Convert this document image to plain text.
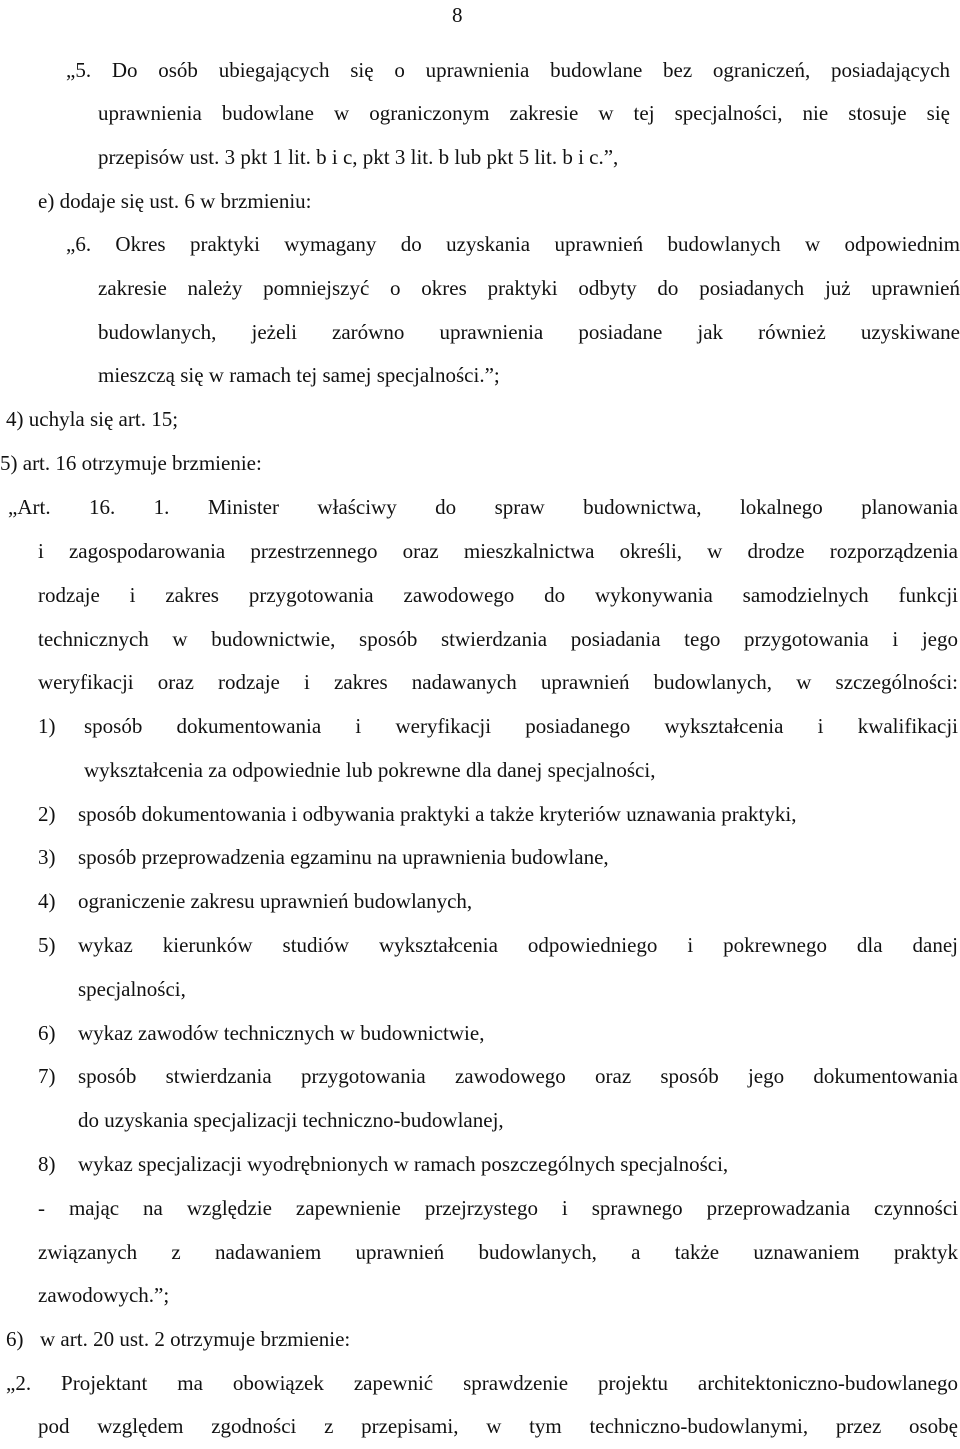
8
„5. Do osób ubiegających się o uprawnienia budowlane bez ograniczeń, posiadających
uprawnienia budowlane w ograniczonym zakresie w tej specjalności, nie stosuje się
przepisów ust. 3 pkt 1 lit. b i c, pkt 3 lit. b lub pkt 5 lit. b i c.”,
e) dodaje się ust. 6 w brzmieniu:
„6. Okres praktyki wymagany do uzyskania uprawnień budowlanych w odpowiednim
zakresie należy pomniejszyć o okres praktyki odbyty do posiadanych już uprawnień
budowlanych, jeżeli zarówno uprawnienia posiadane jak również uzyskiwane
mieszczą się w ramach tej samej specjalności.”;
4) uchyla się art. 15;
5) art. 16 otrzymuje brzmienie:
„Art. 16. 1. Minister właściwy do spraw budownictwa, lokalnego planowania
i zagospodarowania przestrzennego oraz mieszkalnictwa określi, w drodze rozporządzenia
rodzaje i zakres przygotowania zawodowego do wykonywania samodzielnych funkcji
technicznych w budownictwie, sposób stwierdzania posiadania tego przygotowania i jego
weryfikacji oraz rodzaje i zakres nadawanych uprawnień budowlanych, w szczególności:
1) sposób dokumentowania i weryfikacji posiadanego wykształcenia i kwalifikacji
wykształcenia za odpowiednie lub pokrewne dla danej specjalności,
2) sposób dokumentowania i odbywania praktyki a także kryteriów uznawania praktyki,
3) sposób przeprowadzenia egzaminu na uprawnienia budowlane,
4) ograniczenie zakresu uprawnień budowlanych,
5) wykaz kierunków studiów wykształcenia odpowiedniego i pokrewnego dla danej
specjalności,
6) wykaz zawodów technicznych w budownictwie,
7) sposób stwierdzania przygotowania zawodowego oraz sposób jego dokumentowania
do uzyskania specjalizacji techniczno-budowlanej,
8) wykaz specjalizacji wyodrębnionych w ramach poszczególnych specjalności,
- mając na względzie zapewnienie przejrzystego i sprawnego przeprowadzania czynności
związanych z nadawaniem uprawnień budowlanych, a także uznawaniem praktyk
zawodowych.”;
6) w art. 20 ust. 2 otrzymuje brzmienie:
„2. Projektant ma obowiązek zapewnić sprawdzenie projektu architektoniczno-budowlanego
pod względem zgodności z przepisami, w tym techniczno-budowlanymi, przez osobę
